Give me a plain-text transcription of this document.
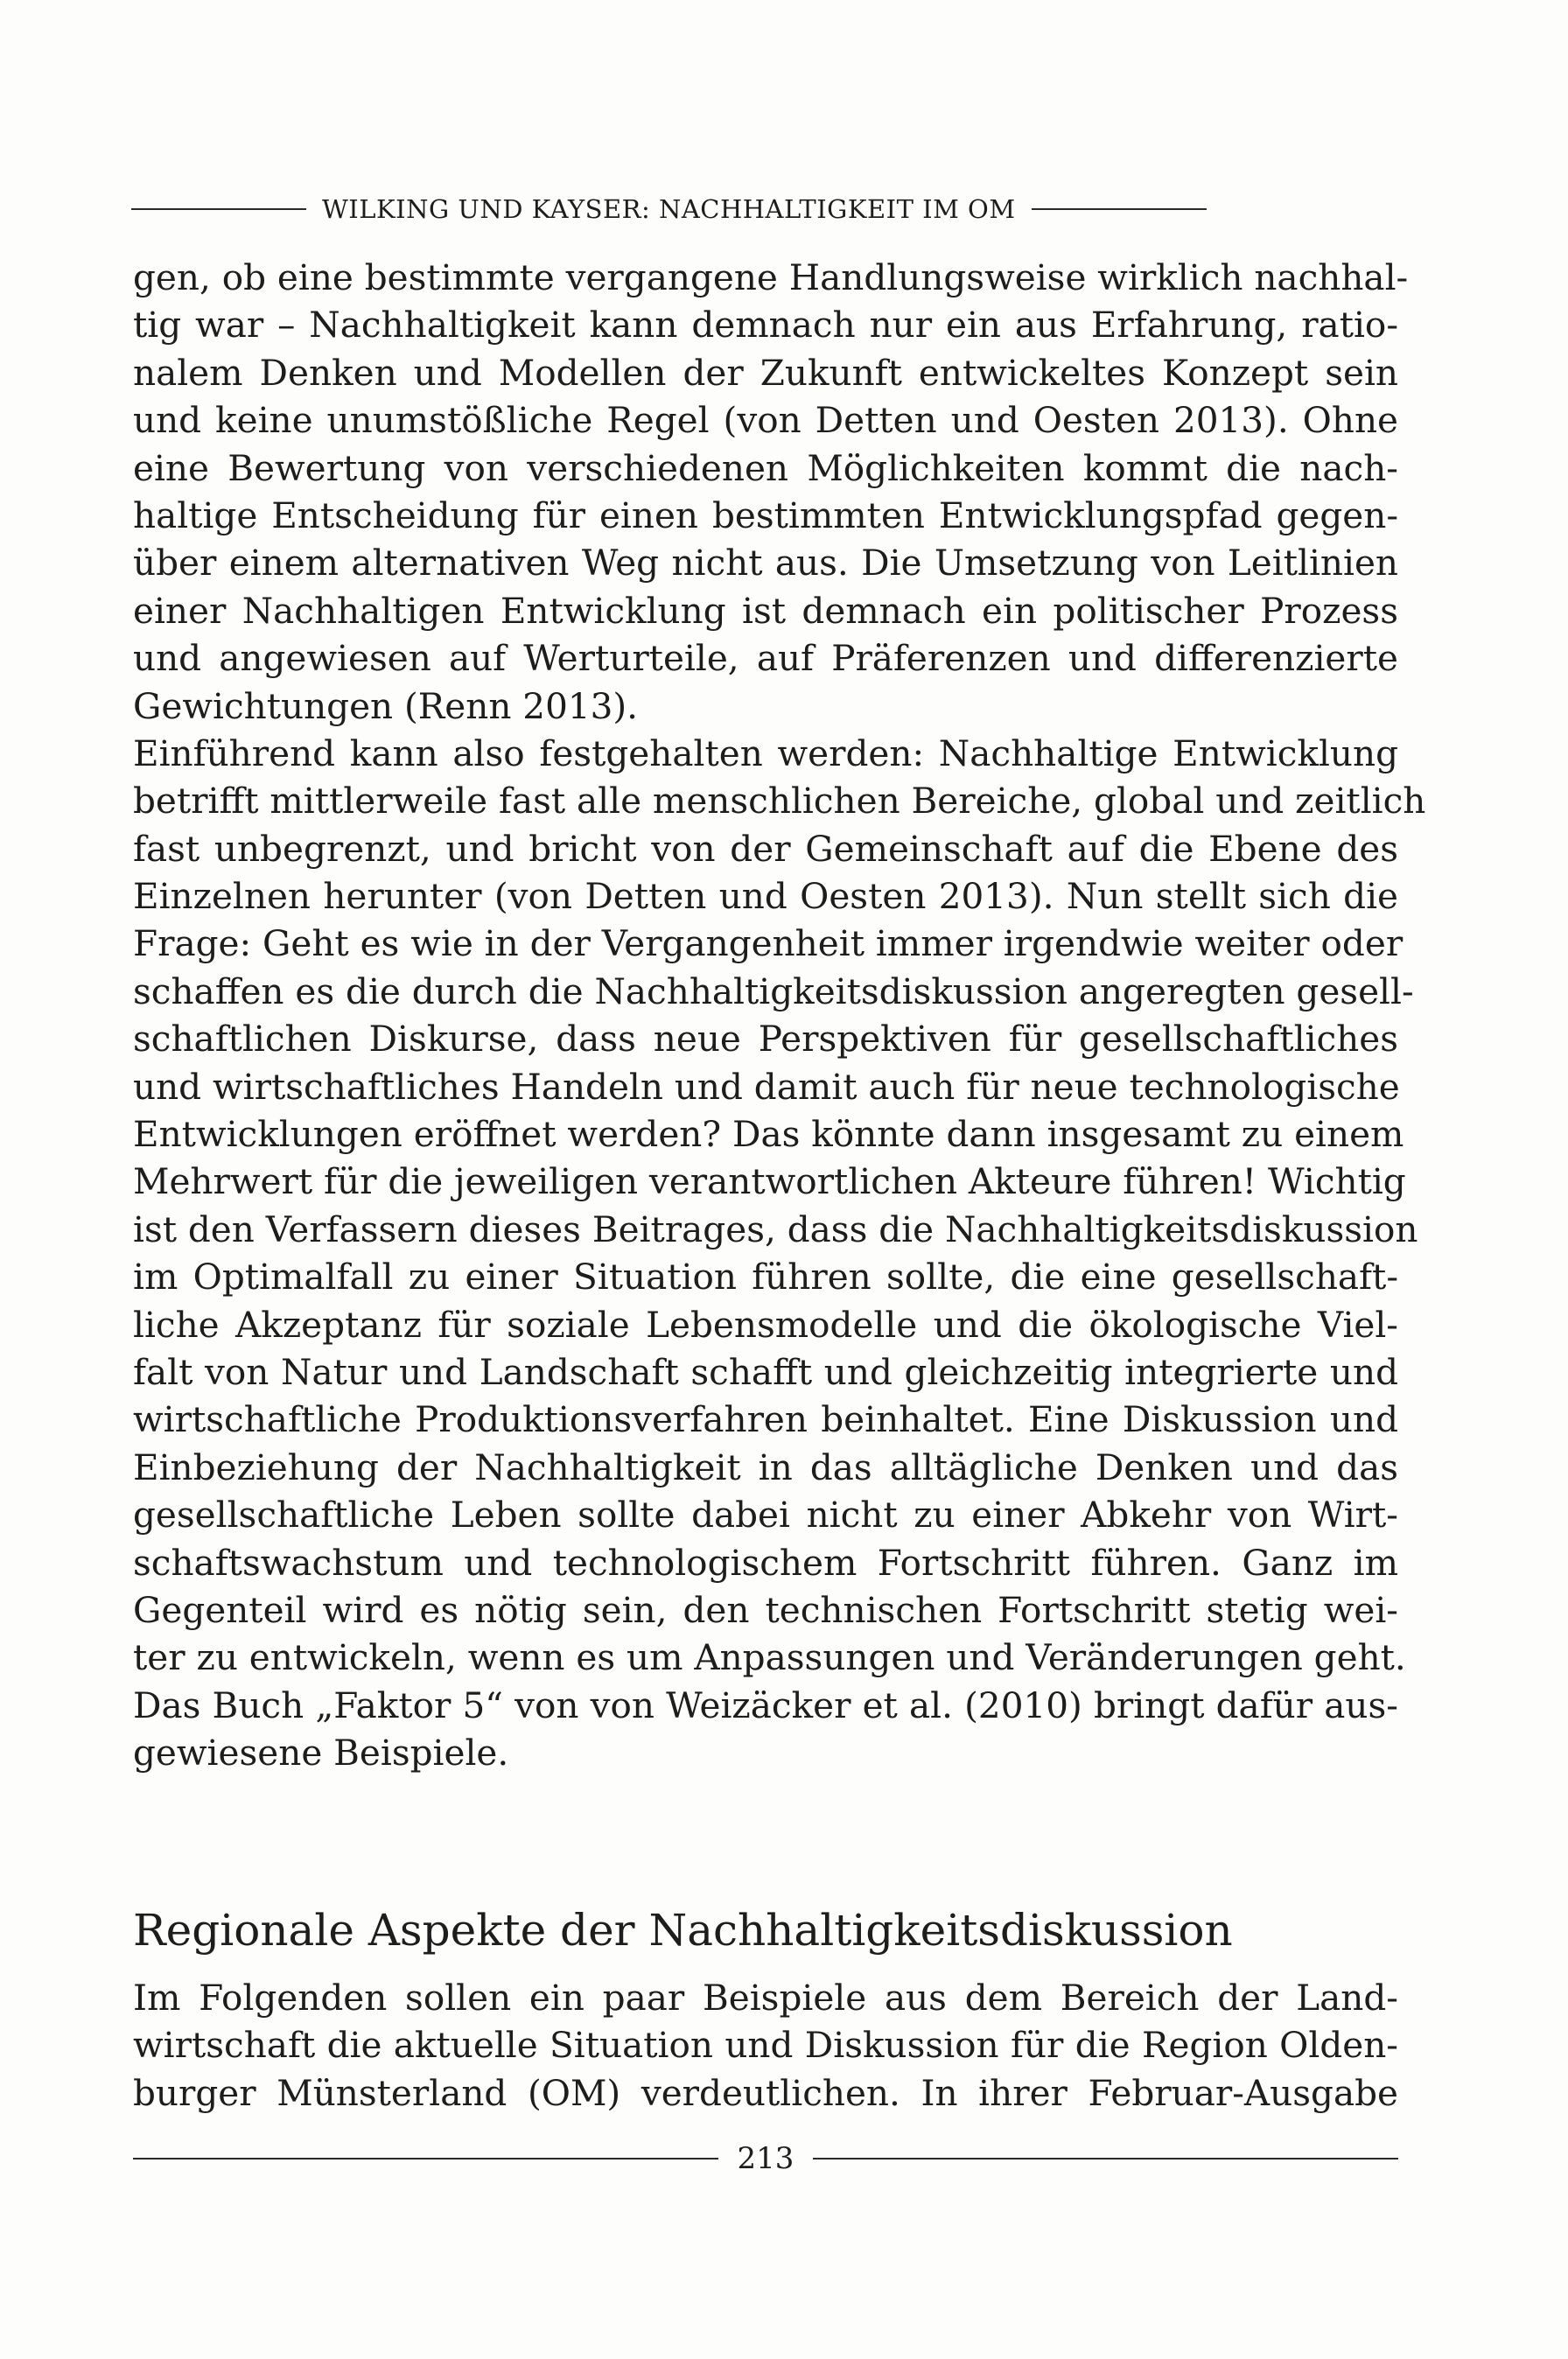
WILKING UND KAYSER: NACHHALTIGKEIT IM OM
gen, ob eine bestimmte vergangene Handlungsweise wirklich nachhal-
tig war – Nachhaltigkeit kann demnach nur ein aus Erfahrung, ratio-
nalem Denken und Modellen der Zukunft entwickeltes Konzept sein
und keine unumstößliche Regel (von Detten und Oesten 2013). Ohne
eine Bewertung von verschiedenen Möglichkeiten kommt die nach-
haltige Entscheidung für einen bestimmten Entwicklungspfad gegen-
über einem alternativen Weg nicht aus. Die Umsetzung von Leitlinien
einer Nachhaltigen Entwicklung ist demnach ein politischer Prozess
und angewiesen auf Werturteile, auf Präferenzen und differenzierte
Gewichtungen (Renn 2013).
Einführend kann also festgehalten werden: Nachhaltige Entwicklung
betrifft mittlerweile fast alle menschlichen Bereiche, global und zeitlich
fast unbegrenzt, und bricht von der Gemeinschaft auf die Ebene des
Einzelnen herunter (von Detten und Oesten 2013). Nun stellt sich die
Frage: Geht es wie in der Vergangenheit immer irgendwie weiter oder
schaffen es die durch die Nachhaltigkeitsdiskussion angeregten gesell-
schaftlichen Diskurse, dass neue Perspektiven für gesellschaftliches
und wirtschaftliches Handeln und damit auch für neue technologische
Entwicklungen eröffnet werden? Das könnte dann insgesamt zu einem
Mehrwert für die jeweiligen verantwortlichen Akteure führen! Wichtig
ist den Verfassern dieses Beitrages, dass die Nachhaltigkeitsdiskussion
im Optimalfall zu einer Situation führen sollte, die eine gesellschaft-
liche Akzeptanz für soziale Lebensmodelle und die ökologische Viel-
falt von Natur und Landschaft schafft und gleichzeitig integrierte und
wirtschaftliche Produktionsverfahren beinhaltet. Eine Diskussion und
Einbeziehung der Nachhaltigkeit in das alltägliche Denken und das
gesellschaftliche Leben sollte dabei nicht zu einer Abkehr von Wirt-
schaftswachstum und technologischem Fortschritt führen. Ganz im
Gegenteil wird es nötig sein, den technischen Fortschritt stetig wei-
ter zu entwickeln, wenn es um Anpassungen und Veränderungen geht.
Das Buch „Faktor 5“ von von Weizäcker et al. (2010) bringt dafür aus-
gewiesene Beispiele.
Regionale Aspekte der Nachhaltigkeitsdiskussion
Im Folgenden sollen ein paar Beispiele aus dem Bereich der Land-
wirtschaft die aktuelle Situation und Diskussion für die Region Olden-
burger Münsterland (OM) verdeutlichen. In ihrer Februar-Ausgabe
213
